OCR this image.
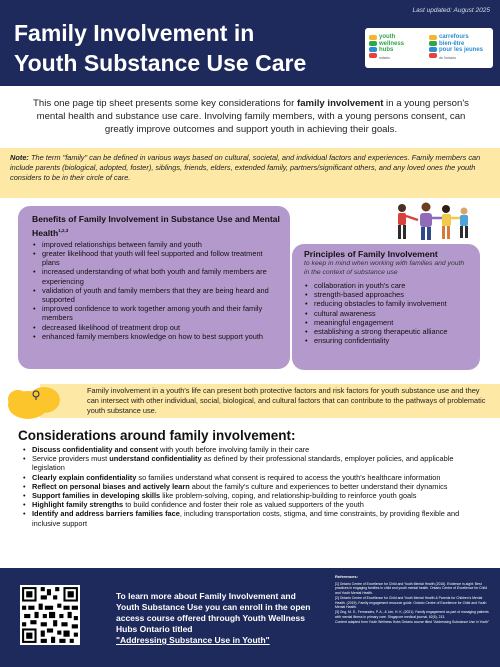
Last updated: August 2025
Family Involvement in
Youth Substance Use Care
youth
wellness
hubs
ontario
carrefours
bien-être
pour les jeunes
de l'ontario
This one page tip sheet presents some key considerations for family involvement in a young person's mental health and substance use care. Involving family members, with a young persons consent, can greatly improve outcomes and support youth in achieving their goals.
Note: The term "family" can be defined in various ways based on cultural, societal, and individual factors and experiences. Family members can include parents (biological, adopted, foster), siblings, friends, elders, extended family, partners/significant others, and any loved ones the youth considers to be in their circle of care.
Benefits of Family Involvement in Substance Use and Mental Health$^{1,2,3}$
• improved relationships between family and youth
• greater likelihood that youth will feel supported and follow treatment plans
• increased understanding of what both youth and family members are experiencing
• validation of youth and family members that they are being heard and supported
• improved confidence to work together among youth and their family members
• decreased likelihood of treatment drop out
• enhanced family members knowledge on how to best support youth
Principles of Family Involvement
to keep in mind when working with families and youth in the context of substance use
• collaboration in youth's care
• strength-based approaches
• reducing obstacles to family involvement
• cultural awareness
• meaningful engagement
• establishing a strong therapeutic alliance
• ensuring confidentiality
Family involvement in a youth's life can present both protective factors and risk factors for youth substance use and they can intersect with other individual, social, biological, and cultural factors that can contribute to the pathways of problematic youth substance use.
Considerations around family involvement:
• Discuss confidentiality and consent with youth before involving family in their care
• Service providers must understand confidentiality as defined by their professional standards, employer policies, and applicable legislation
• Clearly explain confidentiality so families understand what consent is required to access the youth's healthcare information
• Reflect on personal biases and actively learn about the family's culture and experiences to better understand their dynamics
• Support families in developing skills like problem-solving, coping, and relationship-building to reinforce youth goals
• Highlight family strengths to build confidence and foster their role as valued supporters of the youth
• Identify and address barriers families face, including transportation costs, stigma, and time constraints, by providing flexible and inclusive support
To learn more about Family Involvement and Youth Substance Use you can enroll in the open access course offered through Youth Wellness Hubs Ontario titled
"Addressing Substance Use in Youth"
References:

[1] Ontario Centre of Excellence for Child and Youth Mental Health (2016). Evidence in-sight: Best practices in engaging families in child and youth mental health. Ontario Centre of Excellence for Child and Youth Mental Health.

[2] Ontario Centre of Excellence for Child and Youth Mental Health & Parents for Children's Mental Health. (2019). Family engagement resource guide. Ontario Centre of Excellence for Child and Youth Mental Health.

[3] Ong, M. S., Fernandes, P. A., & Lim, H. K. (2021). Family engagement as part of managing patients with mental illness in primary care. Singapore medical journal, 62(5), 213.

Content adapted from Youth Wellness Hubs Ontario course titled "Addressing Substance Use in Youth"
